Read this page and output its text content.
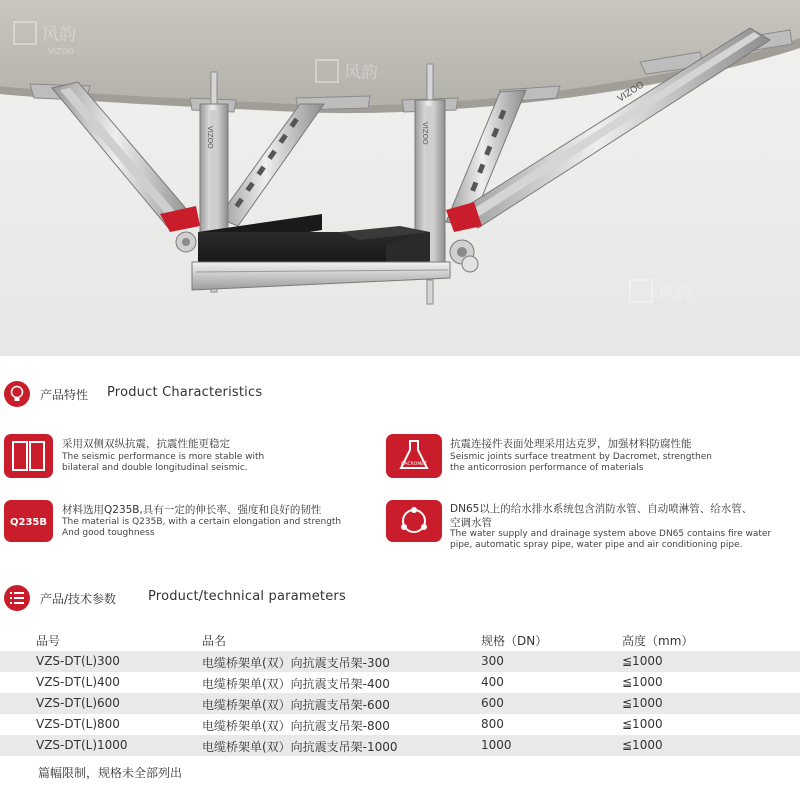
风韵
风韵
风韵
VIZOO
VIZOO
VIZOO	VIZOO
产品特性 Product Characteristics
采用双侧双纵抗震，抗震性能更稳定
The seismic performance is more stable with
bilateral and double longitudinal seismic.	DACROMET
抗震连接件表面处理采用达克罗，加强材料防腐性能
Seismic joints surface treatment by Dacromet, strengthen
the anticorrosion performance of materials
Q235B
材料选用Q235B,具有一定的伸长率、强度和良好的韧性
The material is Q235B, with a certain elongation and strength
And good toughness
DN65以上的给水排水系统包含消防水管、自动喷淋管、给水管、
空调水管
The water supply and drainage system above DN65 contains fire water
pipe, automatic spray pipe, water pipe and air conditioning pipe.
产品/技术参数 Product/technical parameters
品号	品名	规格（DN）	高度（mm）
VZS-DT(L)300	电缆桥架单(双）向抗震支吊架-300	300	≦1000
VZS-DT(L)400	电缆桥架单(双）向抗震支吊架-400	400	≦1000
VZS-DT(L)600	电缆桥架单(双）向抗震支吊架-600	600	≦1000
VZS-DT(L)800	电缆桥架单(双）向抗震支吊架-800	800	≦1000
VZS-DT(L)1000	电缆桥架单(双）向抗震支吊架-1000	1000	≦1000
篇幅限制，规格未全部列出
